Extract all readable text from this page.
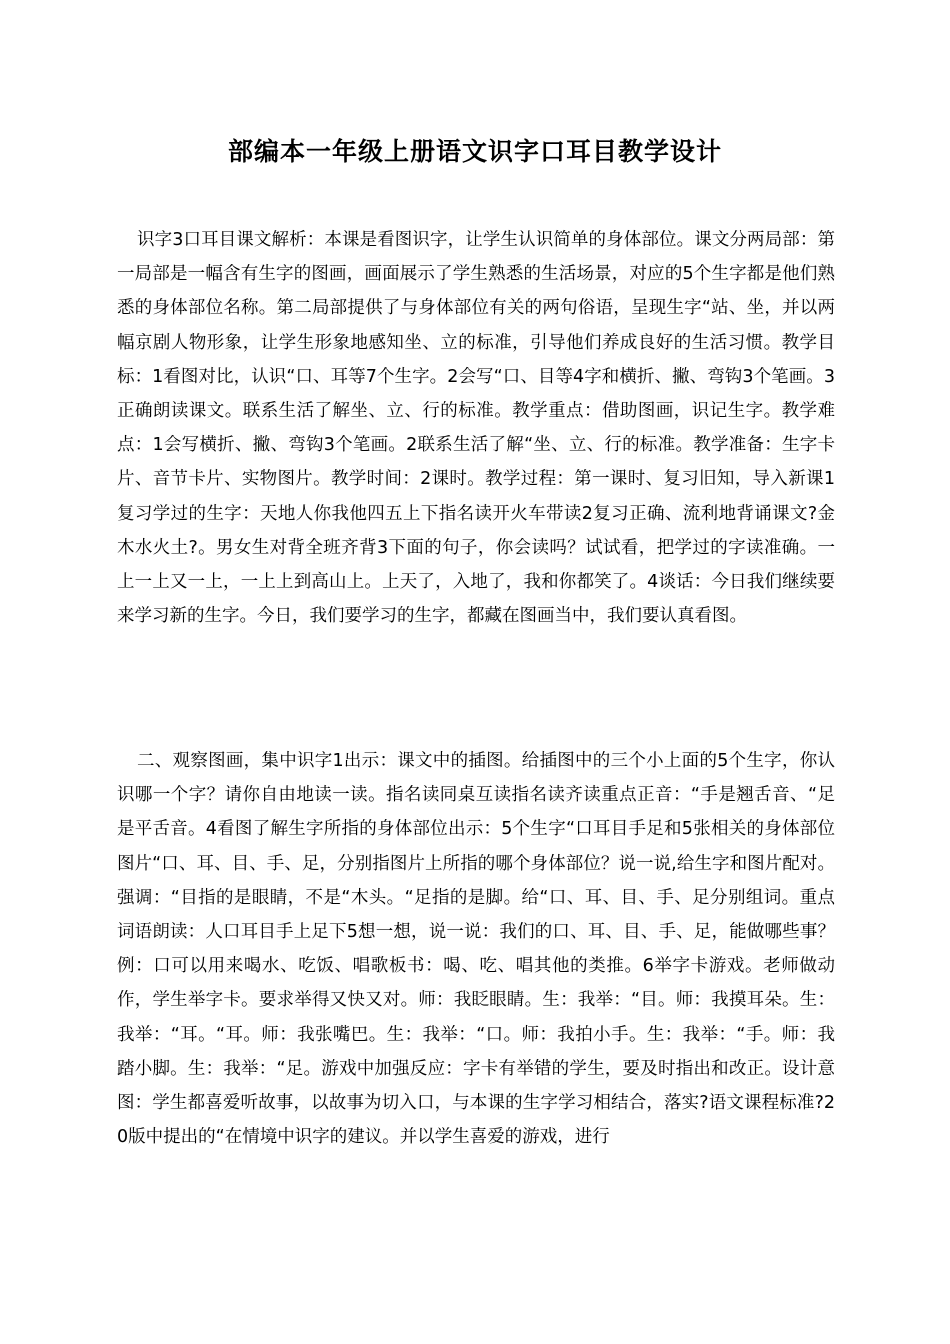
部编本一年级上册语文识字口耳目教学设计

识字3口耳目课文解析：本课是看图识字，让学生认识简单的身体部位。课文分两局部：第一局部是一幅含有生字的图画，画面展示了学生熟悉的生活场景，对应的5个生字都是他们熟悉的身体部位名称。第二局部提供了与身体部位有关的两句俗语，呈现生字“站、坐，并以两幅京剧人物形象，让学生形象地感知坐、立的标准，引导他们养成良好的生活习惯。教学目标：1看图对比，认识“口、耳等7个生字。2会写“口、目等4字和横折、撇、弯钩3个笔画。3正确朗读课文。联系生活了解坐、立、行的标准。教学重点：借助图画，识记生字。教学难点：1会写横折、撇、弯钩3个笔画。2联系生活了解“坐、立、行的标准。教学准备：生字卡片、音节卡片、实物图片。教学时间：2课时。教学过程：第一课时、复习旧知，导入新课1复习学过的生字：天地人你我他四五上下指名读开火车带读2复习正确、流利地背诵课文?金木水火土?。男女生对背全班齐背3下面的句子，你会读吗？试试看，把学过的字读准确。一上一上又一上，一上上到高山上。上天了，入地了，我和你都笑了。4谈话：今日我们继续要来学习新的生字。今日，我们要学习的生字，都藏在图画当中，我们要认真看图。

二、观察图画，集中识字1出示：课文中的插图。给插图中的三个小上面的5个生字，你认识哪一个字？请你自由地读一读。指名读同桌互读指名读齐读重点正音：“手是翘舌音、“足是平舌音。4看图了解生字所指的身体部位出示：5个生字“口耳目手足和5张相关的身体部位图片“口、耳、目、手、足，分别指图片上所指的哪个身体部位？说一说,给生字和图片配对。强调：“目指的是眼睛，不是“木头。“足指的是脚。给“口、耳、目、手、足分别组词。重点词语朗读：人口耳目手上足下5想一想，说一说：我们的口、耳、目、手、足，能做哪些事？例：口可以用来喝水、吃饭、唱歌板书：喝、吃、唱其他的类推。6举字卡游戏。老师做动作，学生举字卡。要求举得又快又对。师：我眨眼睛。生：我举：“目。师：我摸耳朵。生：我举：“耳。“耳。师：我张嘴巴。生：我举：“口。师：我拍小手。生：我举：“手。师：我踏小脚。生：我举：“足。游戏中加强反应：字卡有举错的学生，要及时指出和改正。设计意图：学生都喜爱听故事，以故事为切入口，与本课的生字学习相结合，落实?语文课程标准?20版中提出的“在情境中识字的建议。并以学生喜爱的游戏，进行
